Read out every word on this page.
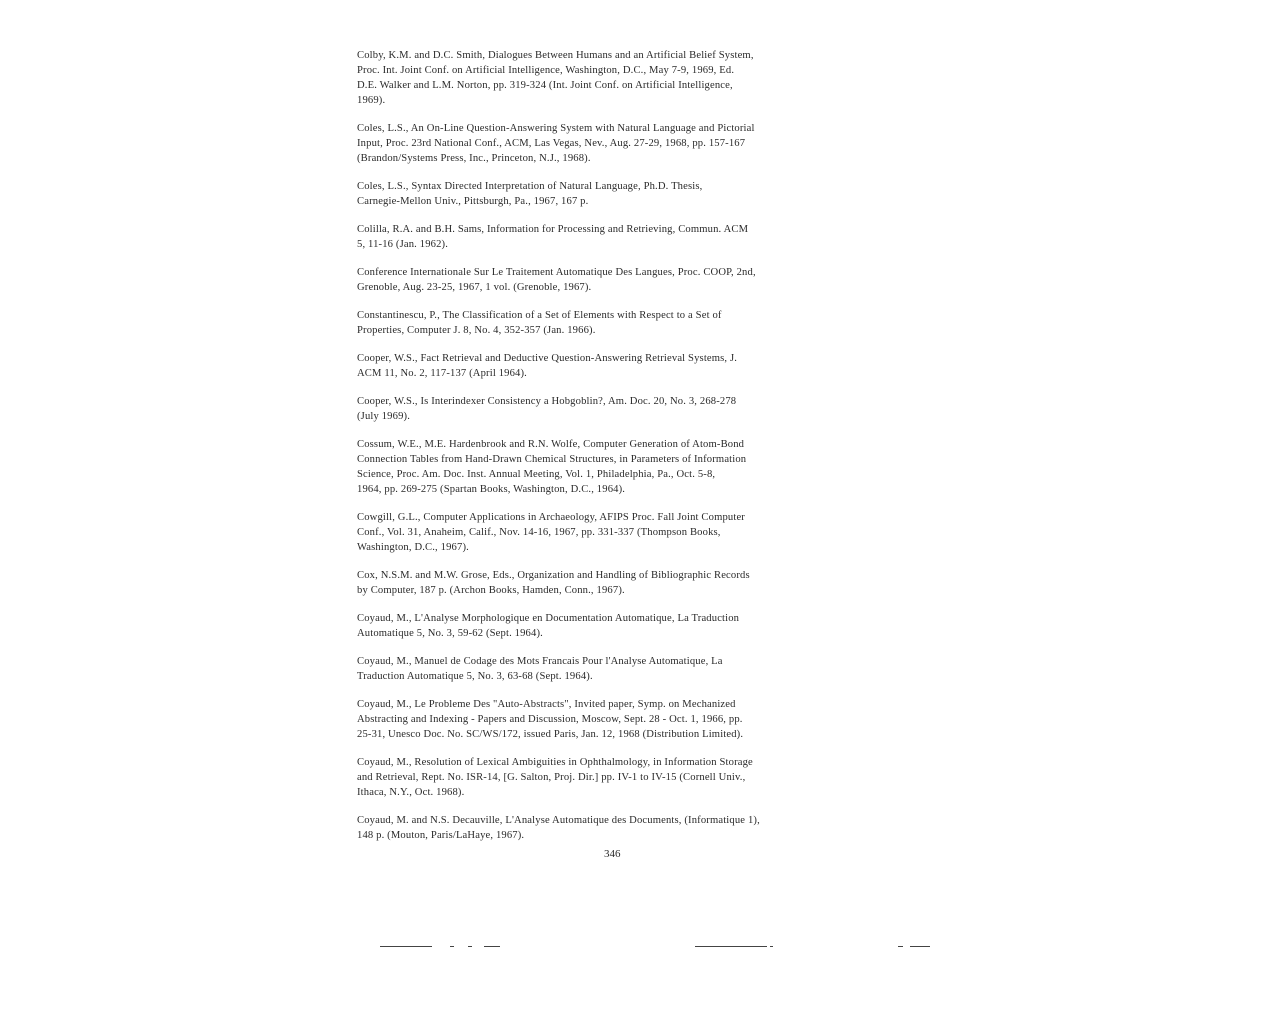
Colby, K.M. and D.C. Smith, Dialogues Between Humans and an Artificial Belief System,
Proc. Int. Joint Conf. on Artificial Intelligence, Washington, D.C., May 7-9, 1969, Ed.
D.E. Walker and L.M. Norton, pp. 319-324 (Int. Joint Conf. on Artificial Intelligence,
1969).
Coles, L.S., An On-Line Question-Answering System with Natural Language and Pictorial
Input, Proc. 23rd National Conf., ACM, Las Vegas, Nev., Aug. 27-29, 1968, pp. 157-167
(Brandon/Systems Press, Inc., Princeton, N.J., 1968).
Coles, L.S., Syntax Directed Interpretation of Natural Language, Ph.D. Thesis,
Carnegie-Mellon Univ., Pittsburgh, Pa., 1967, 167 p.
Colilla, R.A. and B.H. Sams, Information for Processing and Retrieving, Commun. ACM
5, 11-16 (Jan. 1962).
Conference Internationale Sur Le Traitement Automatique Des Langues, Proc. COOP, 2nd,
Grenoble, Aug. 23-25, 1967, 1 vol. (Grenoble, 1967).
Constantinescu, P., The Classification of a Set of Elements with Respect to a Set of
Properties, Computer J. 8, No. 4, 352-357 (Jan. 1966).
Cooper, W.S., Fact Retrieval and Deductive Question-Answering Retrieval Systems, J.
ACM 11, No. 2, 117-137 (April 1964).
Cooper, W.S., Is Interindexer Consistency a Hobgoblin?, Am. Doc. 20, No. 3, 268-278
(July 1969).
Cossum, W.E., M.E. Hardenbrook and R.N. Wolfe, Computer Generation of Atom-Bond
Connection Tables from Hand-Drawn Chemical Structures, in Parameters of Information
Science, Proc. Am. Doc. Inst. Annual Meeting, Vol. 1, Philadelphia, Pa., Oct. 5-8,
1964, pp. 269-275 (Spartan Books, Washington, D.C., 1964).
Cowgill, G.L., Computer Applications in Archaeology, AFIPS Proc. Fall Joint Computer
Conf., Vol. 31, Anaheim, Calif., Nov. 14-16, 1967, pp. 331-337 (Thompson Books,
Washington, D.C., 1967).
Cox, N.S.M. and M.W. Grose, Eds., Organization and Handling of Bibliographic Records
by Computer, 187 p. (Archon Books, Hamden, Conn., 1967).
Coyaud, M., L'Analyse Morphologique en Documentation Automatique, La Traduction
Automatique 5, No. 3, 59-62 (Sept. 1964).
Coyaud, M., Manuel de Codage des Mots Francais Pour l'Analyse Automatique, La
Traduction Automatique 5, No. 3, 63-68 (Sept. 1964).
Coyaud, M., Le Probleme Des "Auto-Abstracts", Invited paper, Symp. on Mechanized
Abstracting and Indexing - Papers and Discussion, Moscow, Sept. 28 - Oct. 1, 1966, pp.
25-31, Unesco Doc. No. SC/WS/172, issued Paris, Jan. 12, 1968 (Distribution Limited).
Coyaud, M., Resolution of Lexical Ambiguities in Ophthalmology, in Information Storage
and Retrieval, Rept. No. ISR-14, [G. Salton, Proj. Dir.] pp. IV-1 to IV-15 (Cornell Univ.,
Ithaca, N.Y., Oct. 1968).
Coyaud, M. and N.S. Decauville, L'Analyse Automatique des Documents, (Informatique 1),
148 p. (Mouton, Paris/LaHaye, 1967).
346
